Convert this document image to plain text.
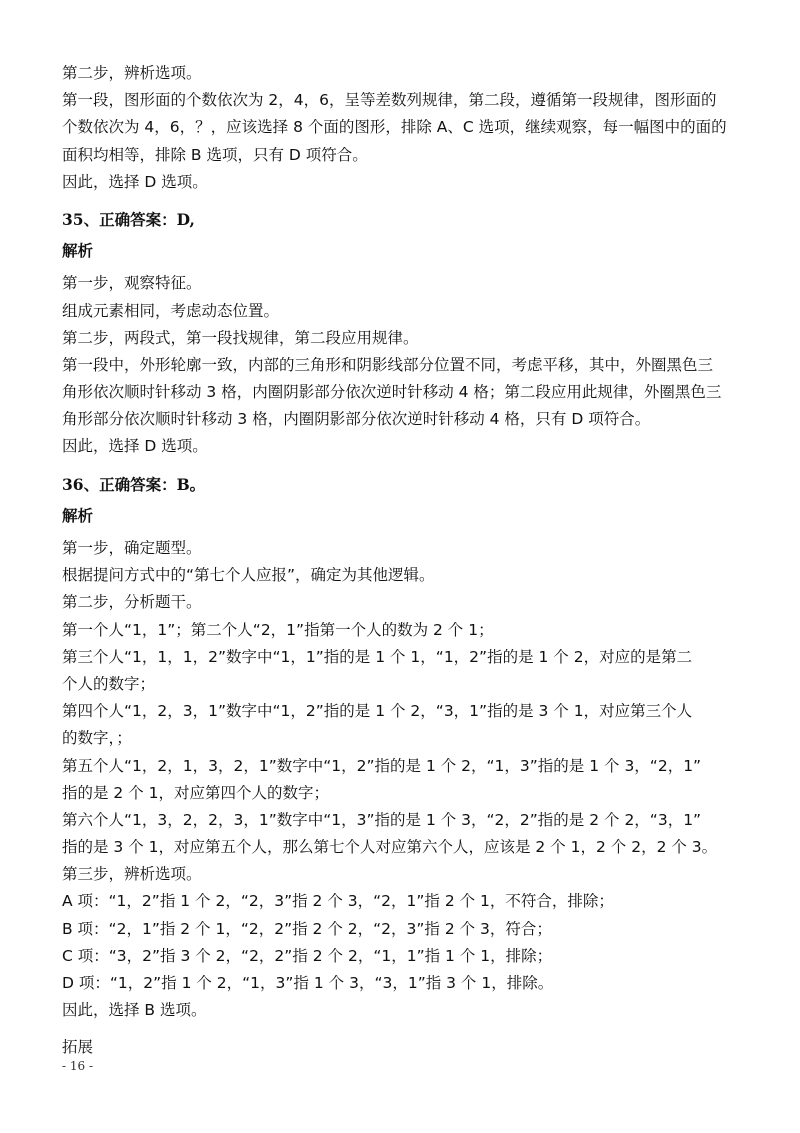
第二步，辨析选项。
第一段，图形面的个数依次为 2，4，6，呈等差数列规律，第二段，遵循第一段规律，图形面的
个数依次为 4，6，？，应该选择 8 个面的图形，排除 A、C 选项，继续观察，每一幅图中的面的
面积均相等，排除 B 选项，只有 D 项符合。
因此，选择 D 选项。
35、正确答案：D,
解析
第一步，观察特征。
组成元素相同，考虑动态位置。
第二步，两段式，第一段找规律，第二段应用规律。
第一段中，外形轮廓一致，内部的三角形和阴影线部分位置不同，考虑平移，其中，外圈黑色三
角形依次顺时针移动 3 格，内圈阴影部分依次逆时针移动 4 格；第二段应用此规律，外圈黑色三
角形部分依次顺时针移动 3 格，内圈阴影部分依次逆时针移动 4 格，只有 D 项符合。
因此，选择 D 选项。
36、正确答案：B。
解析
第一步，确定题型。
根据提问方式中的“第七个人应报”，确定为其他逻辑。
第二步，分析题干。
第一个人“1，1”；第二个人“2，1”指第一个人的数为 2 个 1；
第三个人“1，1，1，2”数字中“1，1”指的是 1 个 1，“1，2”指的是 1 个 2，对应的是第二
个人的数字；
第四个人“1，2，3，1”数字中“1，2”指的是 1 个 2，“3，1”指的是 3 个 1，对应第三个人
的数字，；
第五个人“1，2，1，3，2，1”数字中“1，2”指的是 1 个 2，“1，3”指的是 1 个 3，“2，1”
指的是 2 个 1，对应第四个人的数字；
第六个人“1，3，2，2，3，1”数字中“1，3”指的是 1 个 3，“2，2”指的是 2 个 2，“3，1”
指的是 3 个 1，对应第五个人，那么第七个人对应第六个人，应该是 2 个 1，2 个 2，2 个 3。
第三步，辨析选项。
A 项：“1，2”指 1 个 2，“2，3”指 2 个 3，“2，1”指 2 个 1，不符合，排除；
B 项：“2，1”指 2 个 1，“2，2”指 2 个 2，“2，3”指 2 个 3，符合；
C 项：“3，2”指 3 个 2，“2，2”指 2 个 2，“1，1”指 1 个 1，排除；
D 项：“1，2”指 1 个 2，“1，3”指 1 个 3，“3，1”指 3 个 1，排除。
因此，选择 B 选项。
拓展
- 16 -
